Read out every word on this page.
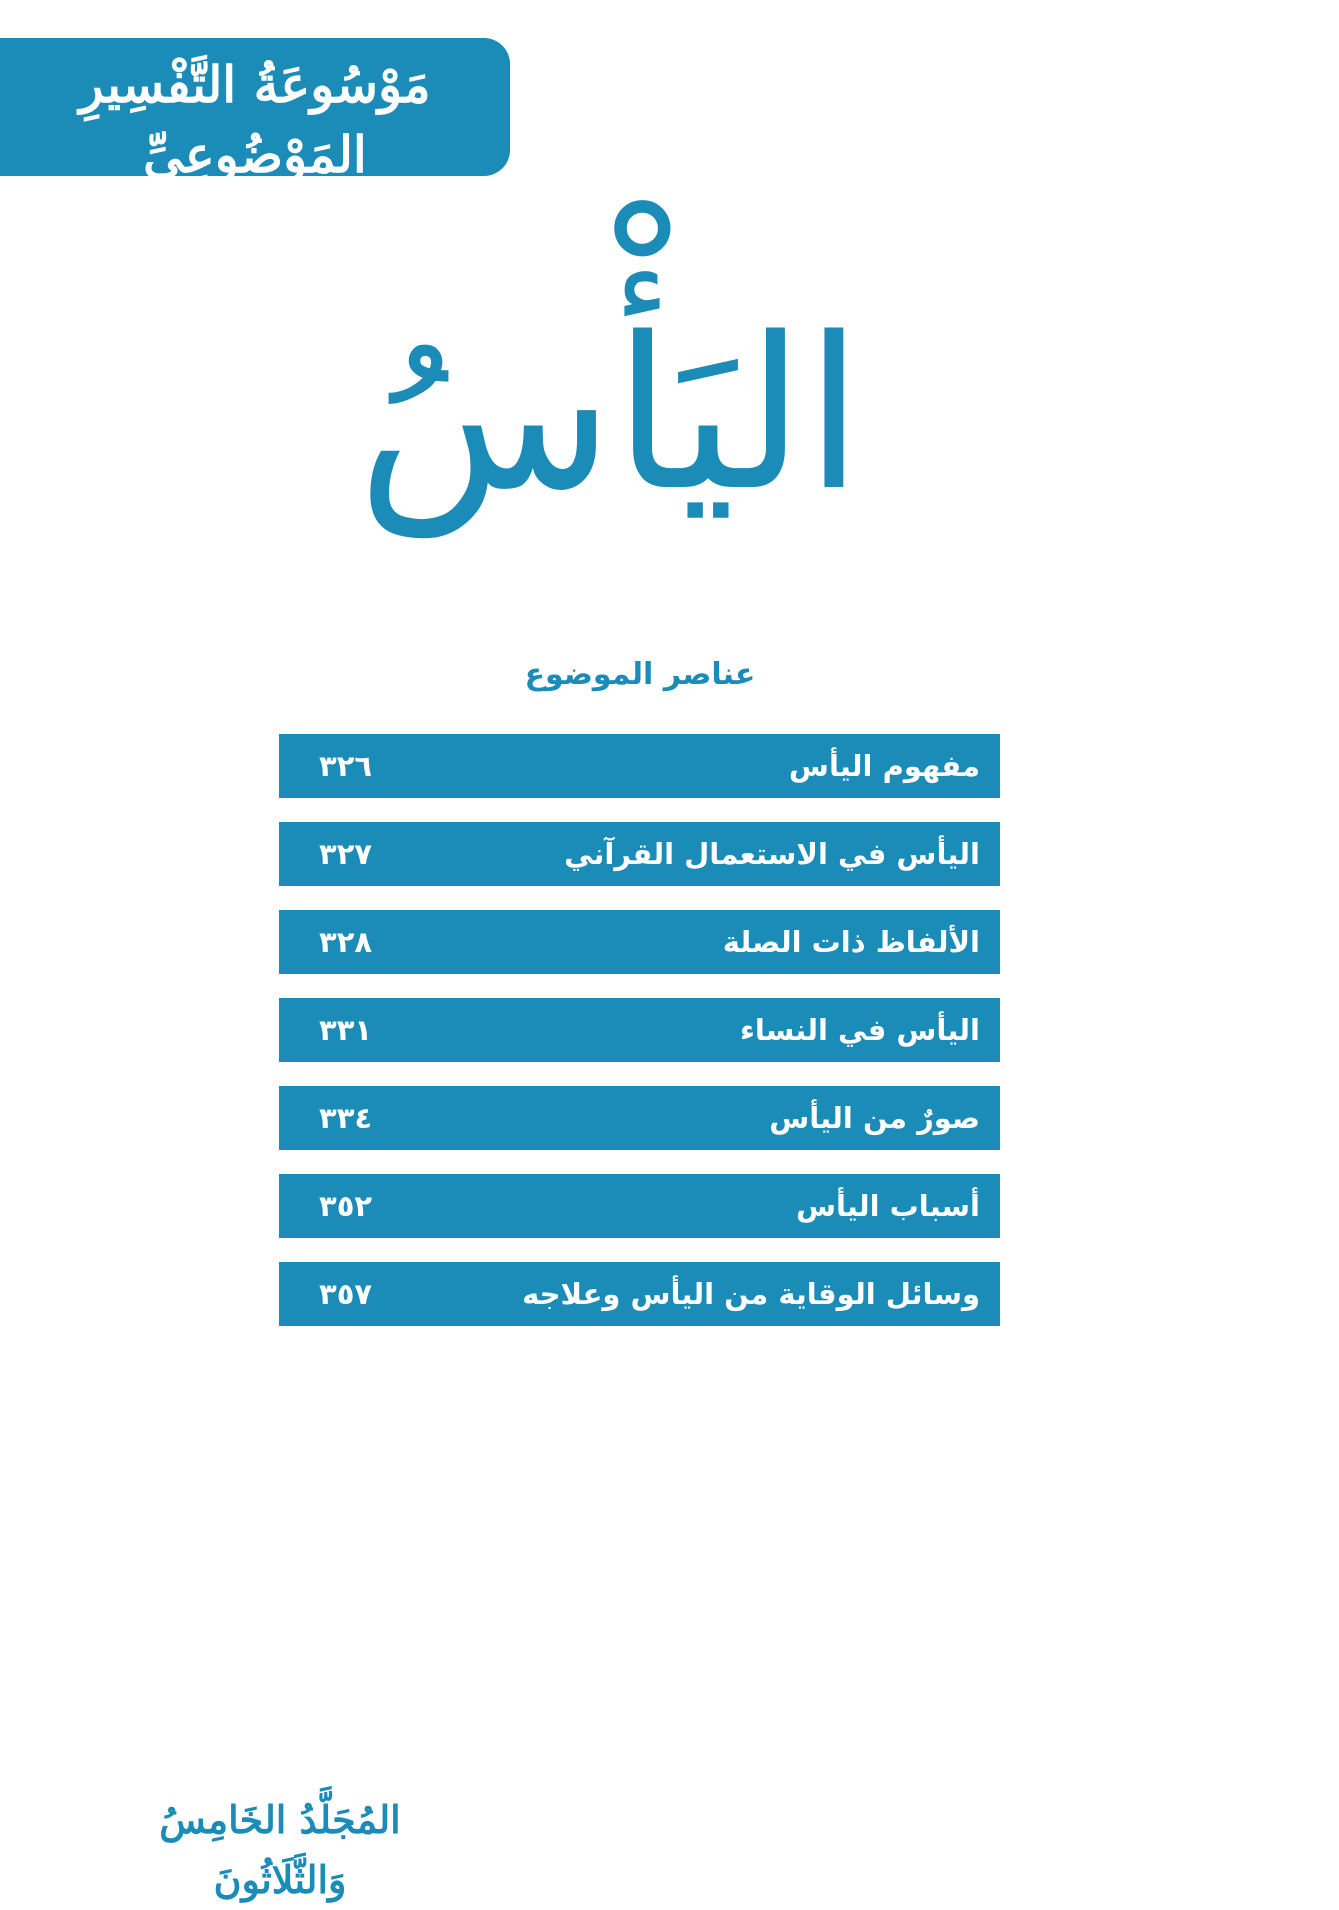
مَوْسُوعَةُ التَّفْسِيرِ المَوْضُوعِيِّ
لِلقُرْآنِ الكَرِيمِ
اليَأْسُ
عناصر الموضوع
مفهوم اليأس
٣٢٦
اليأس في الاستعمال القرآني
٣٢٧
الألفاظ ذات الصلة
٣٢٨
اليأس في النساء
٣٣١
صورٌ من اليأس
٣٣٤
أسباب اليأس
٣٥٢
وسائل الوقاية من اليأس وعلاجه
٣٥٧
المُجَلَّدُ الخَامِسُ وَالثَّلَاثُونَ
